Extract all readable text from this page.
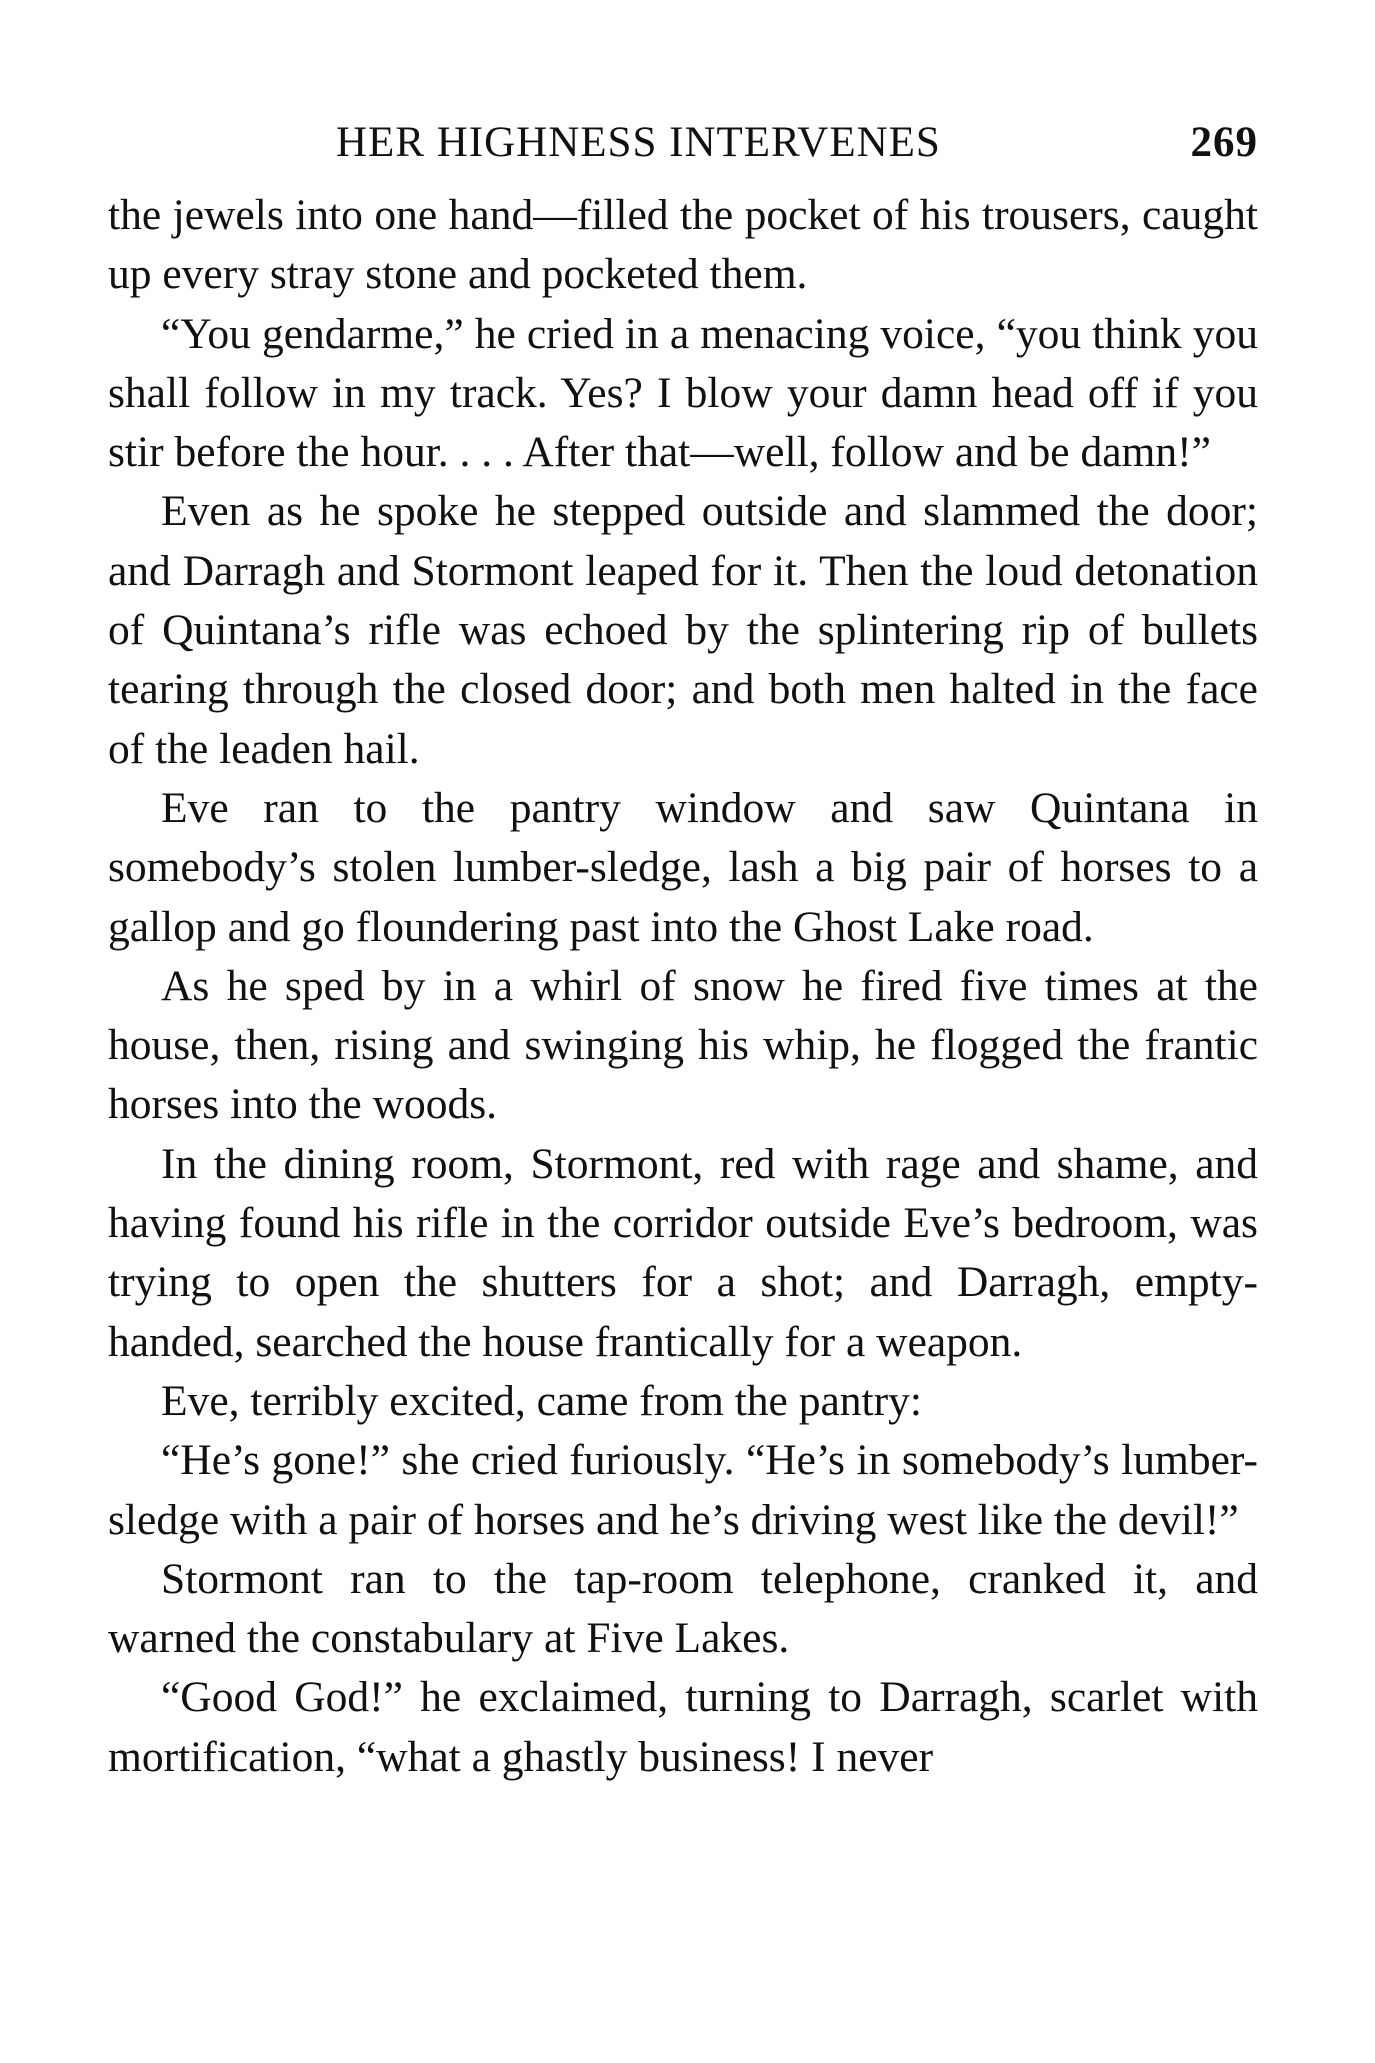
HER HIGHNESS INTERVENES	269

the jewels into one hand—filled the pocket of his trousers, caught up every stray stone and pocketed them.

“You gendarme,” he cried in a menacing voice, “you think you shall follow in my track. Yes? I blow your damn head off if you stir before the hour. . . . After that—well, follow and be damn!”

Even as he spoke he stepped outside and slammed the door; and Darragh and Stormont leaped for it. Then the loud detonation of Quintana’s rifle was echoed by the splintering rip of bullets tearing through the closed door; and both men halted in the face of the leaden hail.

Eve ran to the pantry window and saw Quintana in somebody’s stolen lumber-sledge, lash a big pair of horses to a gallop and go floundering past into the Ghost Lake road.

As he sped by in a whirl of snow he fired five times at the house, then, rising and swinging his whip, he flogged the frantic horses into the woods.

In the dining room, Stormont, red with rage and shame, and having found his rifle in the corridor outside Eve’s bedroom, was trying to open the shutters for a shot; and Darragh, empty-handed, searched the house frantically for a weapon.

Eve, terribly excited, came from the pantry:

“He’s gone!” she cried furiously. “He’s in somebody’s lumber-sledge with a pair of horses and he’s driving west like the devil!”

Stormont ran to the tap-room telephone, cranked it, and warned the constabulary at Five Lakes.

“Good God!” he exclaimed, turning to Darragh, scarlet with mortification, “what a ghastly business! I never
